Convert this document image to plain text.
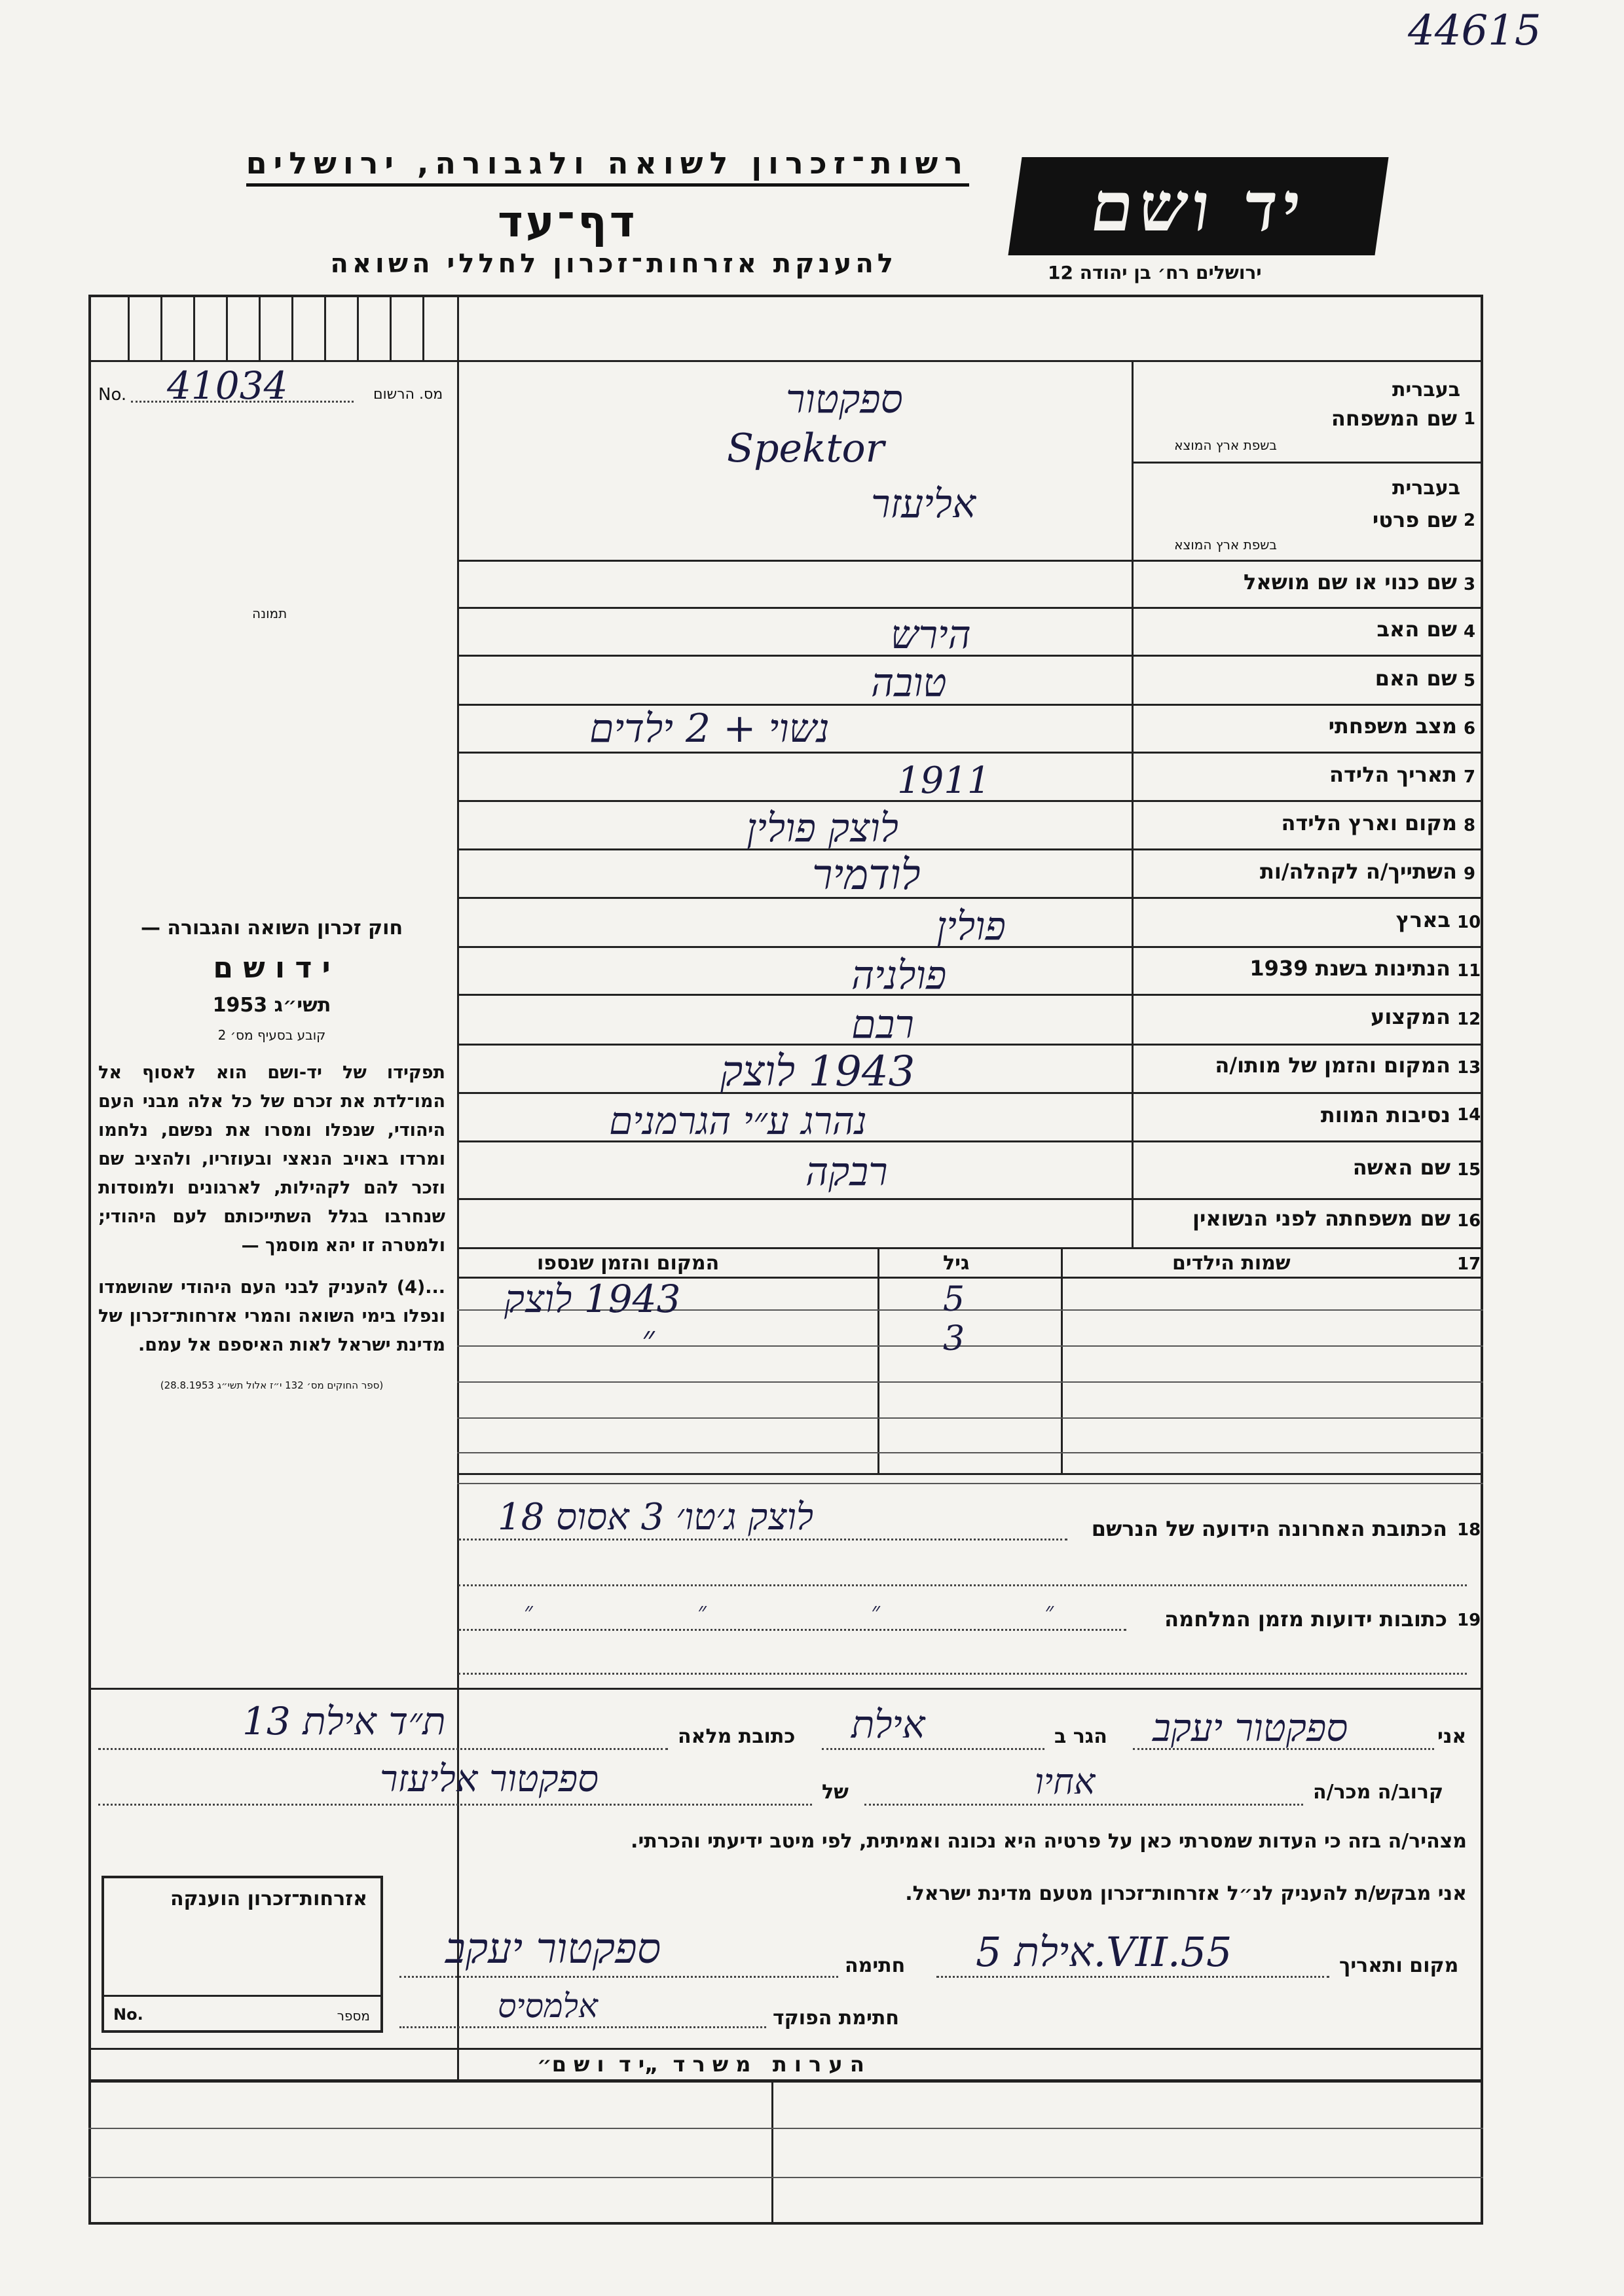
44615
רשות־זכרון לשואה ולגבורה, ירושלים
דף־עד
להענקת אזרחות־זכרון לחללי השואה
יד ושם
ירושלים רח׳ בן יהודה 12
No. 41034	מס. הרשום
תמונה

חוק זכרון השואה והגבורה —

י ד ו ש ם

תשי״ג 1953

קובע בסעיף מס׳ 2

תפקידו של יד-ושם הוא לאסוף אל המו־לדת את זכרם של כל אלה מבני העם היהודי, שנפלו ומסרו את נפשם, נלחמו ומרדו באויב הנאצי ובעוזריו, ולהציב שם וזכר להם לקהילות, לארגונים ולמוסדות שנחרבו בגלל השתייכותם לעם היהודי; ולמטרה זו יהא מוסמך —

...(4) להעניק לבני העם היהודי שהושמדו ונפלו בימי השואה והמרי אזרחות־זכרון של מדינת ישראל לאות האיספם אל עמם.

(ספר החוקים מס׳ 132 י״ז אלול תשי״ג 28.8.1953)

1
שם המשפחה
בעברית
בשפת ארץ המוצא
ספקטור
Spektor
2
שם פרטי
בעברית
בשפת ארץ המוצא
אליעזר
3
שם כנוי או שם מושאל
4
שם האב
הירש
5
שם האם
טובה
6
מצב משפחתי
נשוי + 2 ילדים
7
תאריך הלידה
1911
8
מקום וארץ הלידה
לוצק פולין
9
השתייך/ה לקהלה/ות
לודמיר
10
בארץ
פולין
11
הנתינות בשנת 1939
פולניה
12
המקצוע
רבם
13
המקום והזמן של מותו/ה
1943 לוצק
14
נסיבות המוות
נהרג ע״י הגרמנים
15
שם האשה
רבקה
16
שם משפחתה לפני הנשואין
17
שמות הילדים
גיל
המקום והזמן שנספו
5
1943 לוצק
3
״
18
הכתובת האחרונה הידועה של הנרשם
לוצק ג׳טו׳ 3 אסוס 18
19
כתובות ידועות מזמן המלחמה
״ ״ ״ ״
אני
ספקטור יעקב
הגר ב
אילת
כתובת מלאה
ת״ד אילת 13
קרוב/ה מכר/ה
אחיו
של
ספקטור אליעזר
מצהיר/ה בזה כי העדות שמסרתי כאן על פרטיה היא נכונה ואמיתית, לפי מיטב ידיעתי והכרתי.
אני מבקש/ת להעניק לנ״ל אזרחות־זכרון מטעם מדינת ישראל.
אזרחות־זכרון הוענקה
No.	מספר
מקום ותאריך
אילת 5.VII.55
חתימה
ספקטור יעקב
חתימת הפוקד
אלמסיס
ה ע ר ו ת   מ ש ר ד  „י ד  ו ש ם״
